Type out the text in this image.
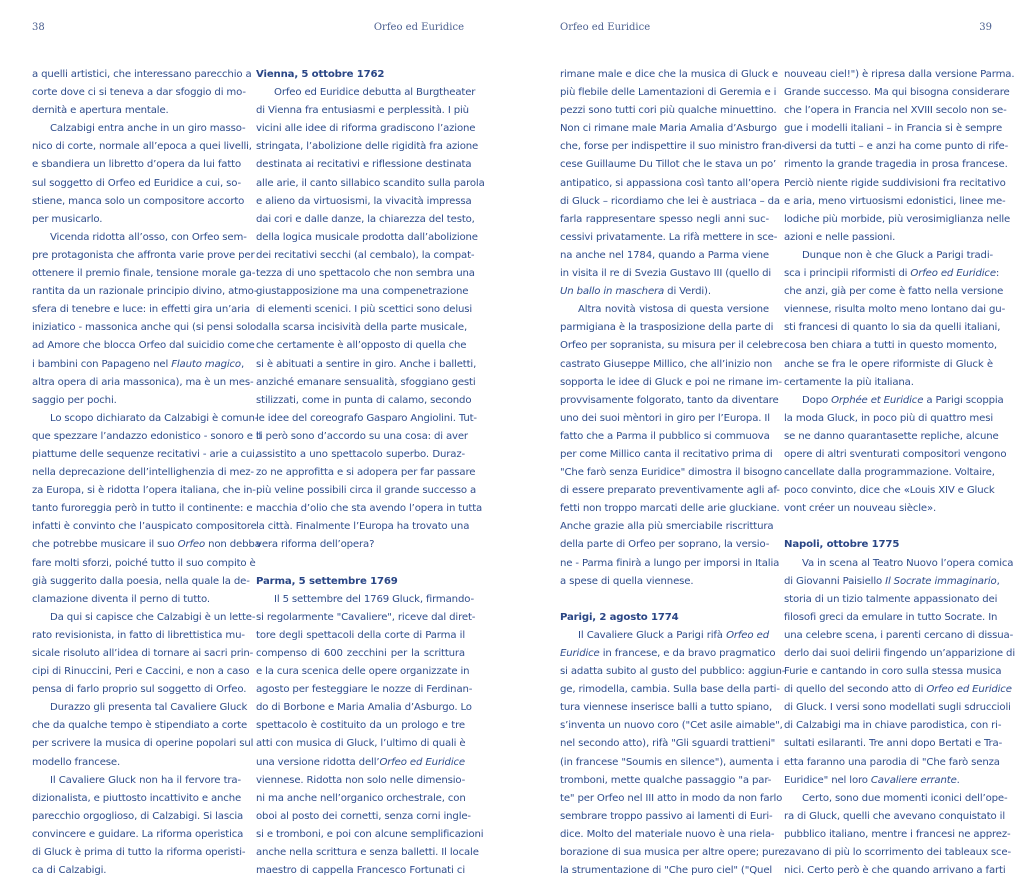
38	Orfeo ed Euridice
a quelli artistici, che interessano parecchio a
corte dove ci si teneva a dar sfoggio di mo-
dernità e apertura mentale.
Calzabigi entra anche in un giro masso-
nico di corte, normale all’epoca a quei livelli,
e sbandiera un libretto d’opera da lui fatto
sul soggetto di Orfeo ed Euridice a cui, so-
stiene, manca solo un compositore accorto
per musicarlo.
Vicenda ridotta all’osso, con Orfeo sem-
pre protagonista che affronta varie prove per
ottenere il premio finale, tensione morale ga-
rantita da un razionale principio divino, atmo-
sfera di tenebre e luce: in effetti gira un’aria
iniziatico - massonica anche qui (si pensi solo
ad Amore che blocca Orfeo dal suicidio come
i bambini con Papageno nel Flauto magico,
altra opera di aria massonica), ma è un mes-
saggio per pochi.
Lo scopo dichiarato da Calzabigi è comun-
que spezzare l’andazzo edonistico - sonoro e il
piattume delle sequenze recitativi - arie a cui,
nella deprecazione dell’intellighenzia di mez-
za Europa, si è ridotta l’opera italiana, che in-
tanto furoreggia però in tutto il continente: e
infatti è convinto che l’auspicato compositore
che potrebbe musicare il suo Orfeo non debba
fare molti sforzi, poiché tutto il suo compito è
già suggerito dalla poesia, nella quale la de-
clamazione diventa il perno di tutto.
Da qui si capisce che Calzabigi è un lette-
rato revisionista, in fatto di librettistica mu-
sicale risoluto all’idea di tornare ai sacri prin-
cipi di Rinuccini, Peri e Caccini, e non a caso
pensa di farlo proprio sul soggetto di Orfeo.
Durazzo gli presenta tal Cavaliere Gluck
che da qualche tempo è stipendiato a corte
per scrivere la musica di operine popolari sul
modello francese.
Il Cavaliere Gluck non ha il fervore tra-
dizionalista, e piuttosto incattivito e anche
parecchio orgoglioso, di Calzabigi. Si lascia
convincere e guidare. La riforma operistica
di Gluck è prima di tutto la riforma operisti-
ca di Calzabigi.
Vienna, 5 ottobre 1762
Orfeo ed Euridice debutta al Burgtheater
di Vienna fra entusiasmi e perplessità. I più
vicini alle idee di riforma gradiscono l’azione
stringata, l’abolizione delle rigidità fra azione
destinata ai recitativi e riflessione destinata
alle arie, il canto sillabico scandito sulla parola
e alieno da virtuosismi, la vivacità impressa
dai cori e dalle danze, la chiarezza del testo,
della logica musicale prodotta dall’abolizione
dei recitativi secchi (al cembalo), la compat-
tezza di uno spettacolo che non sembra una
giustapposizione ma una compenetrazione
di elementi scenici. I più scettici sono delusi
dalla scarsa incisività della parte musicale,
che certamente è all’opposto di quella che
si è abituati a sentire in giro. Anche i balletti,
anziché emanare sensualità, sfoggiano gesti
stilizzati, come in punta di calamo, secondo
le idee del coreografo Gasparo Angiolini. Tut-
ti però sono d’accordo su una cosa: di aver
assistito a uno spettacolo superbo. Duraz-
zo ne approfitta e si adopera per far passare
più veline possibili circa il grande successo a
macchia d’olio che sta avendo l’opera in tutta
la città. Finalmente l’Europa ha trovato una
vera riforma dell’opera?
Parma, 5 settembre 1769
Il 5 settembre del 1769 Gluck, firmando-
si regolarmente "Cavaliere", riceve dal diret-
tore degli spettacoli della corte di Parma il
compenso di 600 zecchini per la scrittura
e la cura scenica delle opere organizzate in
agosto per festeggiare le nozze di Ferdinan-
do di Borbone e Maria Amalia d’Asburgo. Lo
spettacolo è costituito da un prologo e tre
atti con musica di Gluck, l’ultimo di quali è
una versione ridotta dell’Orfeo ed Euridice
viennese. Ridotta non solo nelle dimensio-
ni ma anche nell’organico orchestrale, con
oboi al posto dei cornetti, senza corni ingle-
si e tromboni, e poi con alcune semplificazioni
anche nella scrittura e senza balletti. Il locale
maestro di cappella Francesco Fortunati ci
Orfeo ed Euridice	39
rimane male e dice che la musica di Gluck e
più flebile delle Lamentazioni di Geremia e i
pezzi sono tutti cori più qualche minuettino.
Non ci rimane male Maria Amalia d’Asburgo
che, forse per indispettire il suo ministro fran-
cese Guillaume Du Tillot che le stava un po’
antipatico, si appassiona così tanto all’opera
di Gluck – ricordiamo che lei è austriaca – da
farla rappresentare spesso negli anni suc-
cessivi privatamente. La rifà mettere in sce-
na anche nel 1784, quando a Parma viene
in visita il re di Svezia Gustavo III (quello di
Un ballo in maschera di Verdi).
Altra novità vistosa di questa versione
parmigiana è la trasposizione della parte di
Orfeo per sopranista, su misura per il celebre
castrato Giuseppe Millico, che all’inizio non
sopporta le idee di Gluck e poi ne rimane im-
provvisamente folgorato, tanto da diventare
uno dei suoi mèntori in giro per l’Europa. Il
fatto che a Parma il pubblico si commuova
per come Millico canta il recitativo prima di
"Che farò senza Euridice" dimostra il bisogno
di essere preparato preventivamente agli af-
fetti non troppo marcati delle arie gluckiane.
Anche grazie alla più smerciabile riscrittura
della parte di Orfeo per soprano, la versio-
ne - Parma finirà a lungo per imporsi in Italia
a spese di quella viennese.
Parigi, 2 agosto 1774
Il Cavaliere Gluck a Parigi rifà Orfeo ed
Euridice in francese, e da bravo pragmatico
si adatta subito al gusto del pubblico: aggiun-
ge, rimodella, cambia. Sulla base della parti-
tura viennese inserisce balli a tutto spiano,
s’inventa un nuovo coro ("Cet asile aimable",
nel secondo atto), rifà "Gli sguardi trattieni"
(in francese "Soumis en silence"), aumenta i
tromboni, mette qualche passaggio "a par-
te" per Orfeo nel III atto in modo da non farlo
sembrare troppo passivo ai lamenti di Euri-
dice. Molto del materiale nuovo è una riela-
borazione di sua musica per altre opere; pure
la strumentazione di "Che puro ciel" ("Quel
nouveau ciel!") è ripresa dalla versione Parma.
Grande successo. Ma qui bisogna considerare
che l’opera in Francia nel XVIII secolo non se-
gue i modelli italiani – in Francia si è sempre
diversi da tutti – e anzi ha come punto di rife-
rimento la grande tragedia in prosa francese.
Perciò niente rigide suddivisioni fra recitativo
e aria, meno virtuosismi edonistici, linee me-
lodiche più morbide, più verosimiglianza nelle
azioni e nelle passioni.
Dunque non è che Gluck a Parigi tradi-
sca i principii riformisti di Orfeo ed Euridice:
che anzi, già per come è fatto nella versione
viennese, risulta molto meno lontano dai gu-
sti francesi di quanto lo sia da quelli italiani,
cosa ben chiara a tutti in questo momento,
anche se fra le opere riformiste di Gluck è
certamente la più italiana.
Dopo Orphée et Euridice a Parigi scoppia
la moda Gluck, in poco più di quattro mesi
se ne danno quarantasette repliche, alcune
opere di altri sventurati compositori vengono
cancellate dalla programmazione. Voltaire,
poco convinto, dice che «Louis XIV e Gluck
vont créer un nouveau siècle».
Napoli, ottobre 1775
Va in scena al Teatro Nuovo l’opera comica
di Giovanni Paisiello Il Socrate immaginario,
storia di un tizio talmente appassionato dei
filosofi greci da emulare in tutto Socrate. In
una celebre scena, i parenti cercano di dissua-
derlo dai suoi delirii fingendo un’apparizione di
Furie e cantando in coro sulla stessa musica
di quello del secondo atto di Orfeo ed Euridice
di Gluck. I versi sono modellati sugli sdruccioli
di Calzabigi ma in chiave parodistica, con ri-
sultati esilaranti. Tre anni dopo Bertati e Tra-
etta faranno una parodia di "Che farò senza
Euridice" nel loro Cavaliere errante.
Certo, sono due momenti iconici dell’ope-
ra di Gluck, quelli che avevano conquistato il
pubblico italiano, mentre i francesi ne apprez-
zavano di più lo scorrimento dei tableaux sce-
nici. Certo però è che quando arrivano a farti
